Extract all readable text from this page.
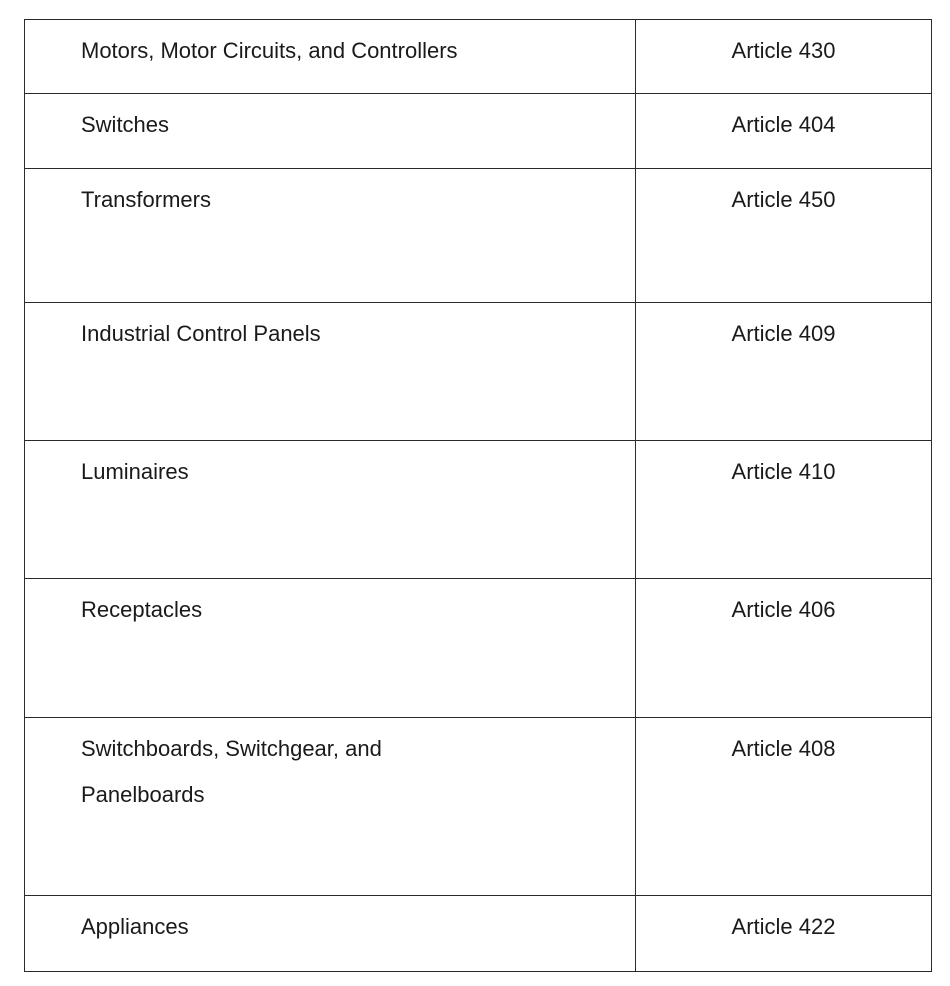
Motors, Motor Circuits, and Controllers	Article 430

Switches	Article 404

Transformers	Article 450

Industrial Control Panels	Article 409

Luminaires	Article 410

Receptacles	Article 406

Switchboards, Switchgear, and
Panelboards	Article 408

Appliances	Article 422
